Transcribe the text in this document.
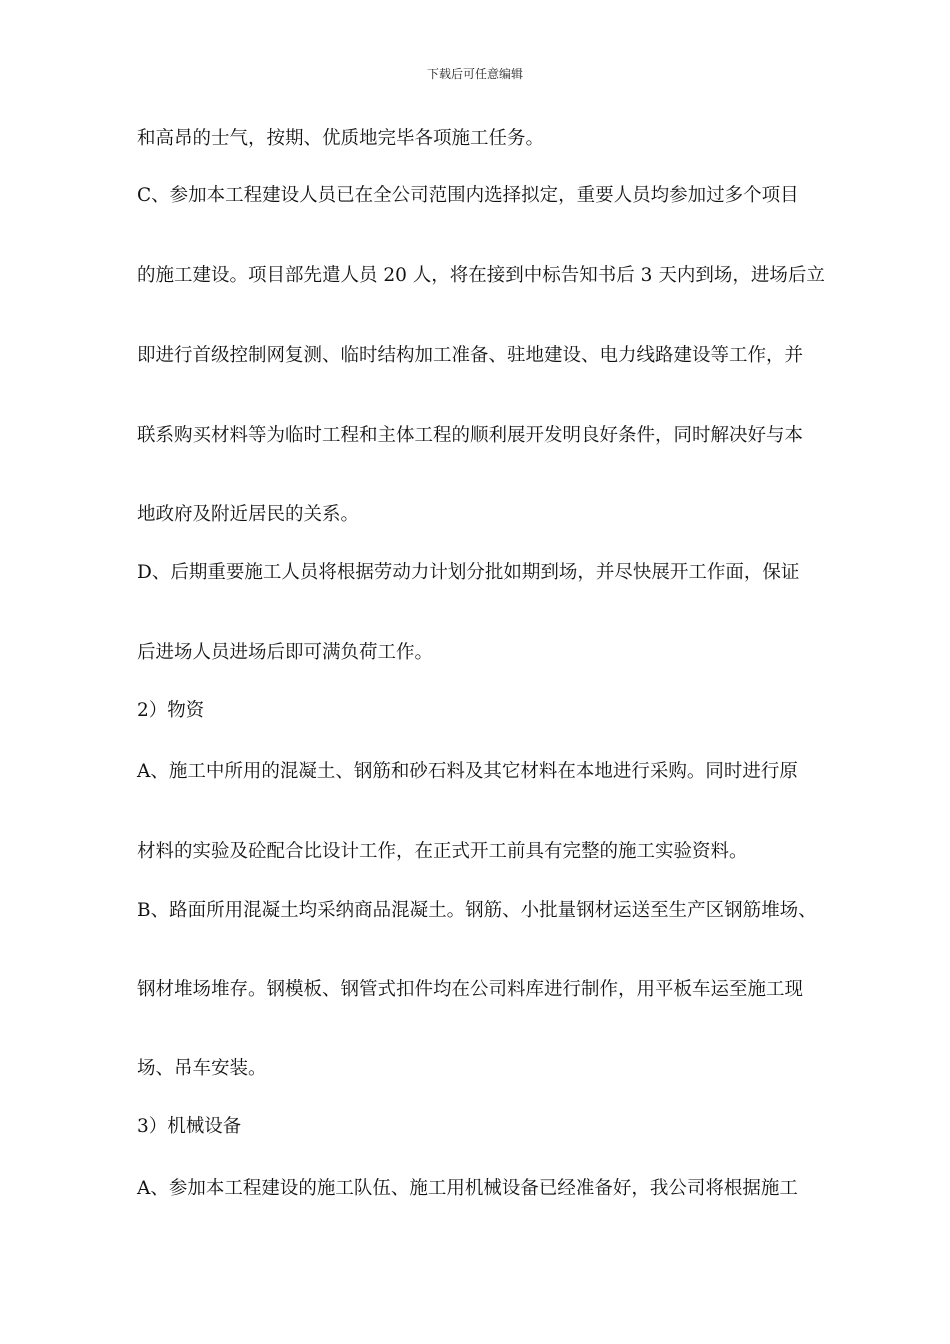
下载后可任意编辑
和高昂的士气，按期、优质地完毕各项施工任务。
C、参加本工程建设人员已在全公司范围内选择拟定，重要人员均参加过多个项目
的施工建设。项目部先遣人员 20 人，将在接到中标告知书后 3 天内到场，进场后立
即进行首级控制网复测、临时结构加工准备、驻地建设、电力线路建设等工作，并
联系购买材料等为临时工程和主体工程的顺利展开发明良好条件，同时解决好与本
地政府及附近居民的关系。
D、后期重要施工人员将根据劳动力计划分批如期到场，并尽快展开工作面，保证
后进场人员进场后即可满负荷工作。
2）物资
A、施工中所用的混凝土、钢筋和砂石料及其它材料在本地进行采购。同时进行原
材料的实验及砼配合比设计工作，在正式开工前具有完整的施工实验资料。
B、路面所用混凝土均采纳商品混凝土。钢筋、小批量钢材运送至生产区钢筋堆场、
钢材堆场堆存。钢模板、钢管式扣件均在公司料库进行制作，用平板车运至施工现
场、吊车安装。
3）机械设备
A、参加本工程建设的施工队伍、施工用机械设备已经准备好，我公司将根据施工
